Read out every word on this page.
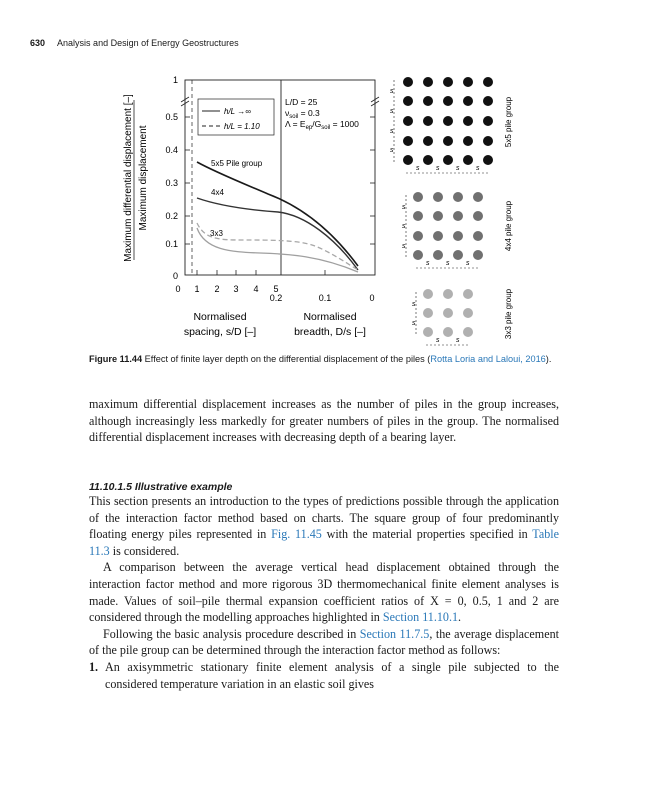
630 Analysis and Design of Energy Geostructures
Maximum differential displacement [–] Maximum displacement
1
0.5
0.4
0.3
0.2
0.1
0
0 1 2 3 4 5
0.2	0.1	0
Normalised
spacing, s/D [–]
Normalised
breadth, D/s [–]
h/L →∞
h/L = 1.10
L/D = 25
$\nu_{soil} = 0.3$
$\Lambda = E_{ep}/G_{soil} = 1000$
5x5 Pile group
4x4
3x3
s
s
s
s
s s s s
5x5 pile group
s
s
s
s s s
4x4 pile group
s
s
s s
3x3 pile group
Figure 11.44 Effect of finite layer depth on the differential displacement of the piles (Rotta Loria and Laloui, 2016).

maximum differential displacement increases as the number of piles in the group increases, although increasingly less markedly for greater numbers of piles in the group. The normalised differential displacement increases with decreasing depth of a bearing layer.

11.10.1.5 Illustrative example

This section presents an introduction to the types of predictions possible through the application of the interaction factor method based on charts. The square group of four predominantly floating energy piles represented in Fig. 11.45 with the material properties specified in Table 11.3 is considered.

A comparison between the average vertical head displacement obtained through the interaction factor method and more rigorous 3D thermomechanical finite element analyses is made. Values of soil–pile thermal expansion coefficient ratios of X = 0, 0.5, 1 and 2 are considered through the modelling approaches highlighted in Section 11.10.1.

Following the basic analysis procedure described in Section 11.7.5, the average displacement of the pile group can be determined through the interaction factor method as follows:

1. An axisymmetric stationary finite element analysis of a single pile subjected to the considered temperature variation in an elastic soil gives
